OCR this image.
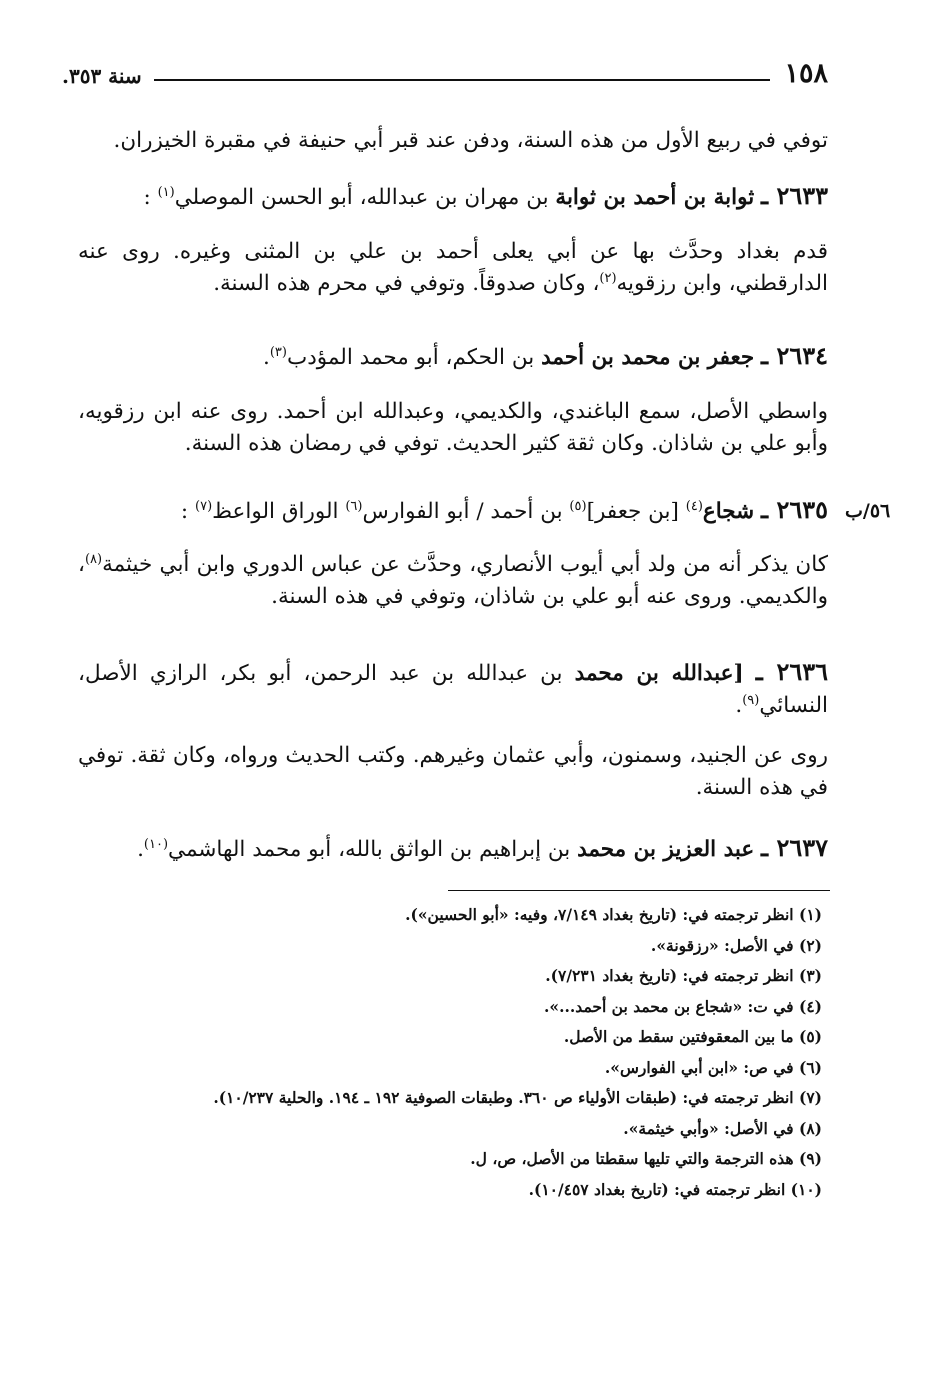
١٥٨
سنة ٣٥٣.

توفي في ربيع الأول من هذه السنة، ودفن عند قبر أبي حنيفة في مقبرة الخيزران.

٢٦٣٣ ـ ثوابة بن أحمد بن ثوابة بن مهران بن عبدالله، أبو الحسن الموصلي$^{(١)}$ :

قدم بغداد وحدَّث بها عن أبي يعلى أحمد بن علي بن المثنى وغيره. روى عنه الدارقطني، وابن رزقويه$^{(٢)}$، وكان صدوقاً. وتوفي في محرم هذه السنة.

٢٦٣٤ ـ جعفر بن محمد بن أحمد بن الحكم، أبو محمد المؤدب$^{(٣)}$.

واسطي الأصل، سمع الباغندي، والكديمي، وعبدالله ابن أحمد. روى عنه ابن رزقويه، وأبو علي بن شاذان. وكان ثقة كثير الحديث. توفي في رمضان هذه السنة.

٥٦/ب

٢٦٣٥ ـ شجاع$^{(٤)}$ [بن جعفر]$^{(٥)}$ بن أحمد / أبو الفوارس$^{(٦)}$ الوراق الواعظ$^{(٧)}$ :

كان يذكر أنه من ولد أبي أيوب الأنصاري، وحدَّث عن عباس الدوري وابن أبي خيثمة$^{(٨)}$، والكديمي. وروى عنه أبو علي بن شاذان، وتوفي في هذه السنة.

٢٦٣٦ ـ [عبدالله بن محمد بن عبدالله بن عبد الرحمن، أبو بكر، الرازي الأصل، النسائي$^{(٩)}$.

روى عن الجنيد، وسمنون، وأبي عثمان وغيرهم. وكتب الحديث ورواه، وكان ثقة. توفي في هذه السنة.

٢٦٣٧ ـ عبد العزيز بن محمد بن إبراهيم بن الواثق بالله، أبو محمد الهاشمي$^{(١٠)}$.

(١) انظر ترجمته في: (تاريخ بغداد ٧/١٤٩، وفيه: «أبو الحسين»).
(٢) في الأصل: «رزقونة».
(٣) انظر ترجمته في: (تاريخ بغداد ٧/٢٣١).
(٤) في ت: «شجاع بن محمد بن أحمد...».
(٥) ما بين المعقوفتين سقط من الأصل.
(٦) في ص: «ابن أبي الفوارس».
(٧) انظر ترجمته في: (طبقات الأولياء ص ٣٦٠. وطبقات الصوفية ١٩٢ ـ ١٩٤. والحلية ١٠/٢٣٧).
(٨) في الأصل: «وأبي خيثمة».
(٩) هذه الترجمة والتي تليها سقطتا من الأصل، ص، ل.
(١٠) انظر ترجمته في: (تاريخ بغداد ١٠/٤٥٧).
